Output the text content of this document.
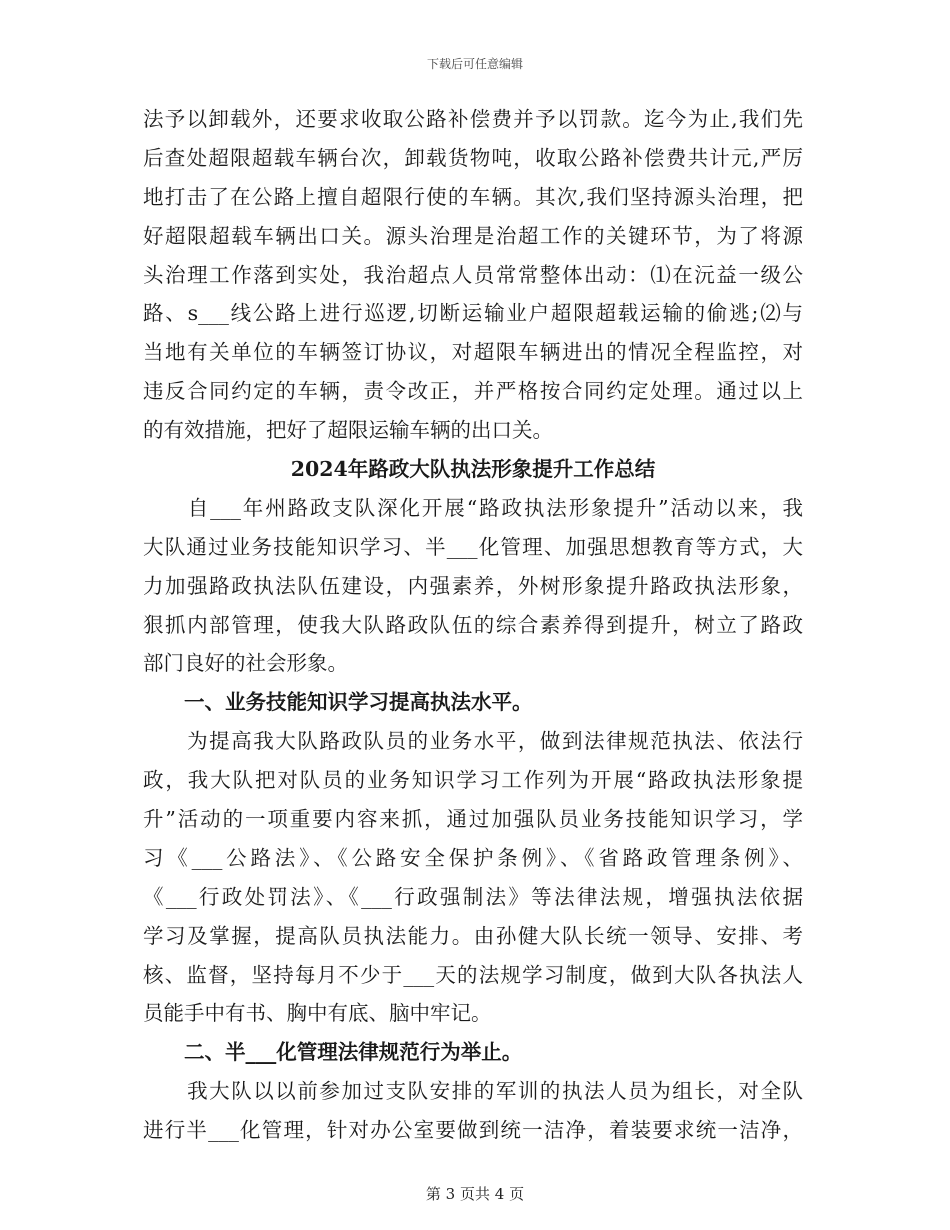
下载后可任意编辑
法予以卸载外，还要求收取公路补偿费并予以罚款。迄今为止,我们先
后查处超限超载车辆台次，卸载货物吨，收取公路补偿费共计元,严厉
地打击了在公路上擅自超限行使的车辆。其次,我们坚持源头治理，把
好超限超载车辆出口关。源头治理是治超工作的关键环节，为了将源
头治理工作落到实处，我治超点人员常常整体出动：⑴在沅益一级公
路、s___线公路上进行巡逻,切断运输业户超限超载运输的偷逃;⑵与
当地有关单位的车辆签订协议，对超限车辆进出的情况全程监控，对
违反合同约定的车辆，责令改正，并严格按合同约定处理。通过以上
的有效措施，把好了超限运输车辆的出口关。
2024年路政大队执法形象提升工作总结
　　自___年州路政支队深化开展“路政执法形象提升”活动以来，我
大队通过业务技能知识学习、半___化管理、加强思想教育等方式，大
力加强路政执法队伍建设，内强素养，外树形象提升路政执法形象，
狠抓内部管理，使我大队路政队伍的综合素养得到提升，树立了路政
部门良好的社会形象。
　　一、业务技能知识学习提高执法水平。
　　为提高我大队路政队员的业务水平，做到法律规范执法、依法行
政，我大队把对队员的业务知识学习工作列为开展“路政执法形象提
升”活动的一项重要内容来抓，通过加强队员业务技能知识学习，学
习《___公路法》、《公路安全保护条例》、《省路政管理条例》、
《___行政处罚法》、《___行政强制法》等法律法规，增强执法依据
学习及掌握，提高队员执法能力。由孙健大队长统一领导、安排、考
核、监督，坚持每月不少于___天的法规学习制度，做到大队各执法人
员能手中有书、胸中有底、脑中牢记。
　　二、半___化管理法律规范行为举止。
　　我大队以以前参加过支队安排的军训的执法人员为组长，对全队
进行半___化管理，针对办公室要做到统一洁净，着装要求统一洁净，
第 3 页共 4 页
